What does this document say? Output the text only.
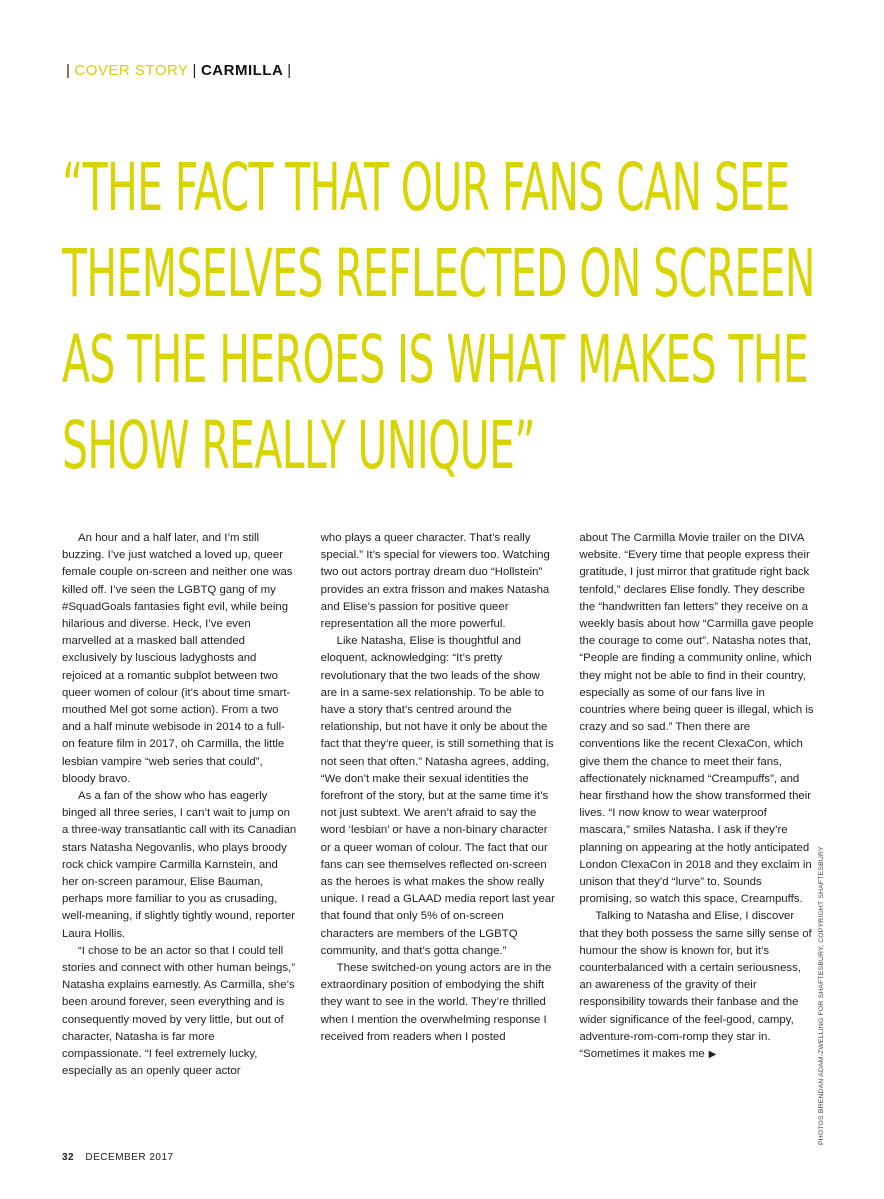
| COVER STORY | CARMILLA |
“THE FACT THAT OUR FANS CAN SEE
THEMSELVES REFLECTED ON SCREEN
AS THE HEROES IS WHAT MAKES THE
SHOW REALLY UNIQUE”

An hour and a half later, and I’m still buzzing. I’ve just watched a loved up, queer female couple on-screen and neither one was killed off. I’ve seen the LGBTQ gang of my #SquadGoals fantasies fight evil, while being hilarious and diverse. Heck, I’ve even marvelled at a masked ball attended exclusively by luscious ladyghosts and rejoiced at a romantic subplot between two queer women of colour (it’s about time smart-mouthed Mel got some action). From a two and a half minute webisode in 2014 to a full-on feature film in 2017, oh Carmilla, the little lesbian vampire “web series that could”, bloody bravo.

As a fan of the show who has eagerly binged all three series, I can’t wait to jump on a three-way transatlantic call with its Canadian stars Natasha Negovanlis, who plays broody rock chick vampire Carmilla Karnstein, and her on-screen paramour, Elise Bauman, perhaps more familiar to you as crusading, well-meaning, if slightly tightly wound, reporter Laura Hollis.

“I chose to be an actor so that I could tell stories and connect with other human beings,” Natasha explains earnestly. As Carmilla, she’s been around forever, seen everything and is consequently moved by very little, but out of character, Natasha is far more compassionate. “I feel extremely lucky, especially as an openly queer actor

who plays a queer character. That’s really special.” It’s special for viewers too. Watching two out actors portray dream duo “Hollstein” provides an extra frisson and makes Natasha and Elise’s passion for positive queer representation all the more powerful.

Like Natasha, Elise is thoughtful and eloquent, acknowledging: “It’s pretty revolutionary that the two leads of the show are in a same-sex relationship. To be able to have a story that’s centred around the relationship, but not have it only be about the fact that they’re queer, is still something that is not seen that often.” Natasha agrees, adding, “We don’t make their sexual identities the forefront of the story, but at the same time it’s not just subtext. We aren’t afraid to say the word ‘lesbian’ or have a non-binary character or a queer woman of colour. The fact that our fans can see themselves reflected on-screen as the heroes is what makes the show really unique. I read a GLAAD media report last year that found that only 5% of on-screen characters are members of the LGBTQ community, and that’s gotta change.”

These switched-on young actors are in the extraordinary position of embodying the shift they want to see in the world. They’re thrilled when I mention the overwhelming response I received from readers when I posted

about The Carmilla Movie trailer on the DIVA website. “Every time that people express their gratitude, I just mirror that gratitude right back tenfold,” declares Elise fondly. They describe the “handwritten fan letters” they receive on a weekly basis about how “Carmilla gave people the courage to come out”. Natasha notes that, “People are finding a community online, which they might not be able to find in their country, especially as some of our fans live in countries where being queer is illegal, which is crazy and so sad.” Then there are conventions like the recent ClexaCon, which give them the chance to meet their fans, affectionately nicknamed “Creampuffs”, and hear firsthand how the show transformed their lives. “I now know to wear waterproof mascara,” smiles Natasha. I ask if they’re planning on appearing at the hotly anticipated London ClexaCon in 2018 and they exclaim in unison that they’d “lurve” to. Sounds promising, so watch this space, Creampuffs.

Talking to Natasha and Elise, I discover that they both possess the same silly sense of humour the show is known for, but it’s counterbalanced with a certain seriousness, an awareness of the gravity of their responsibility towards their fanbase and the wider significance of the feel-good, campy, adventure-rom-com-romp they star in. “Sometimes it makes me ▶	PHOTOS BRENDAN ADAM-ZWELLING FOR SHAFTESBURY, COPYRIGHT SHAFTESBURY
32 DECEMBER 2017
